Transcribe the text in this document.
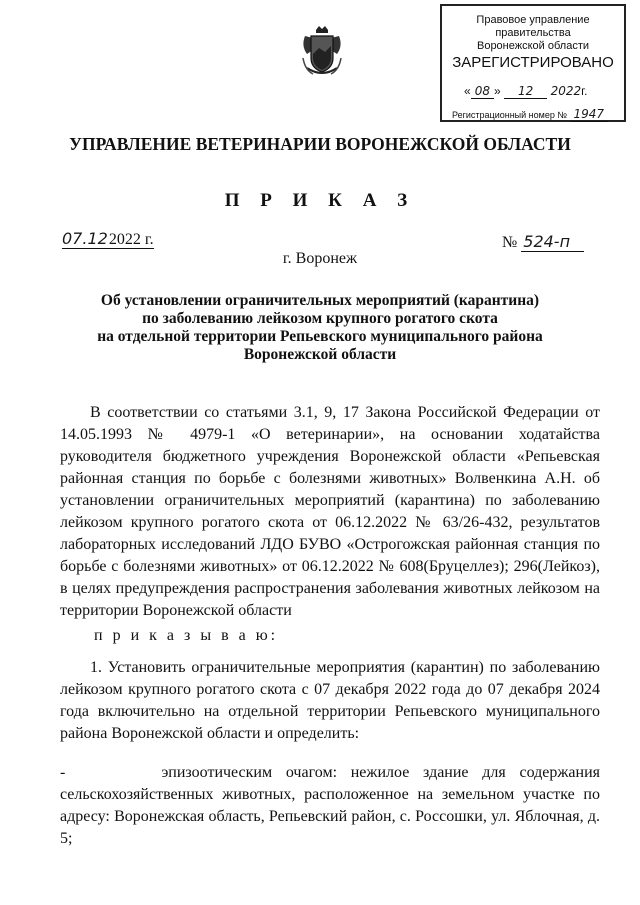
Правовое управление правительства
Воронежской области
ЗАРЕГИСТРИРОВАНО
« 08 » 12 2022г.
Регистрационный номер № 1947
УПРАВЛЕНИЕ ВЕТЕРИНАРИИ ВОРОНЕЖСКОЙ ОБЛАСТИ
П Р И К А З
07.122022 г.	№ 524-п
г. Воронеж
Об установлении ограничительных мероприятий (карантина)
по заболеванию лейкозом крупного рогатого скота
на отдельной территории Репьевского муниципального района
Воронежской области
В соответствии со статьями 3.1, 9, 17 Закона Российской Федерации от 14.05.1993 № 4979-1 «О ветеринарии», на основании ходатайства руководителя бюджетного учреждения Воронежской области «Репьевская районная станция по борьбе с болезнями животных» Волвенкина А.Н. об установлении ограничительных мероприятий (карантина) по заболеванию лейкозом крупного рогатого скота от 06.12.2022 № 63/26-432, результатов лабораторных исследований ЛДО БУВО «Острогожская районная станция по борьбе с болезнями животных» от 06.12.2022 № 608(Бруцеллез); 296(Лейкоз), в целях предупреждения распространения заболевания животных лейкозом на территории Воронежской области
п р и к а з ы в а ю:
1. Установить ограничительные мероприятия (карантин) по заболеванию лейкозом крупного рогатого скота с 07 декабря 2022 года до 07 декабря 2024 года включительно на отдельной территории Репьевского муниципального района Воронежской области и определить:
-       эпизоотическим очагом: нежилое здание для содержания сельскохозяйственных животных, расположенное на земельном участке по адресу: Воронежская область, Репьевский район, с. Россошки, ул. Яблочная, д. 5;
